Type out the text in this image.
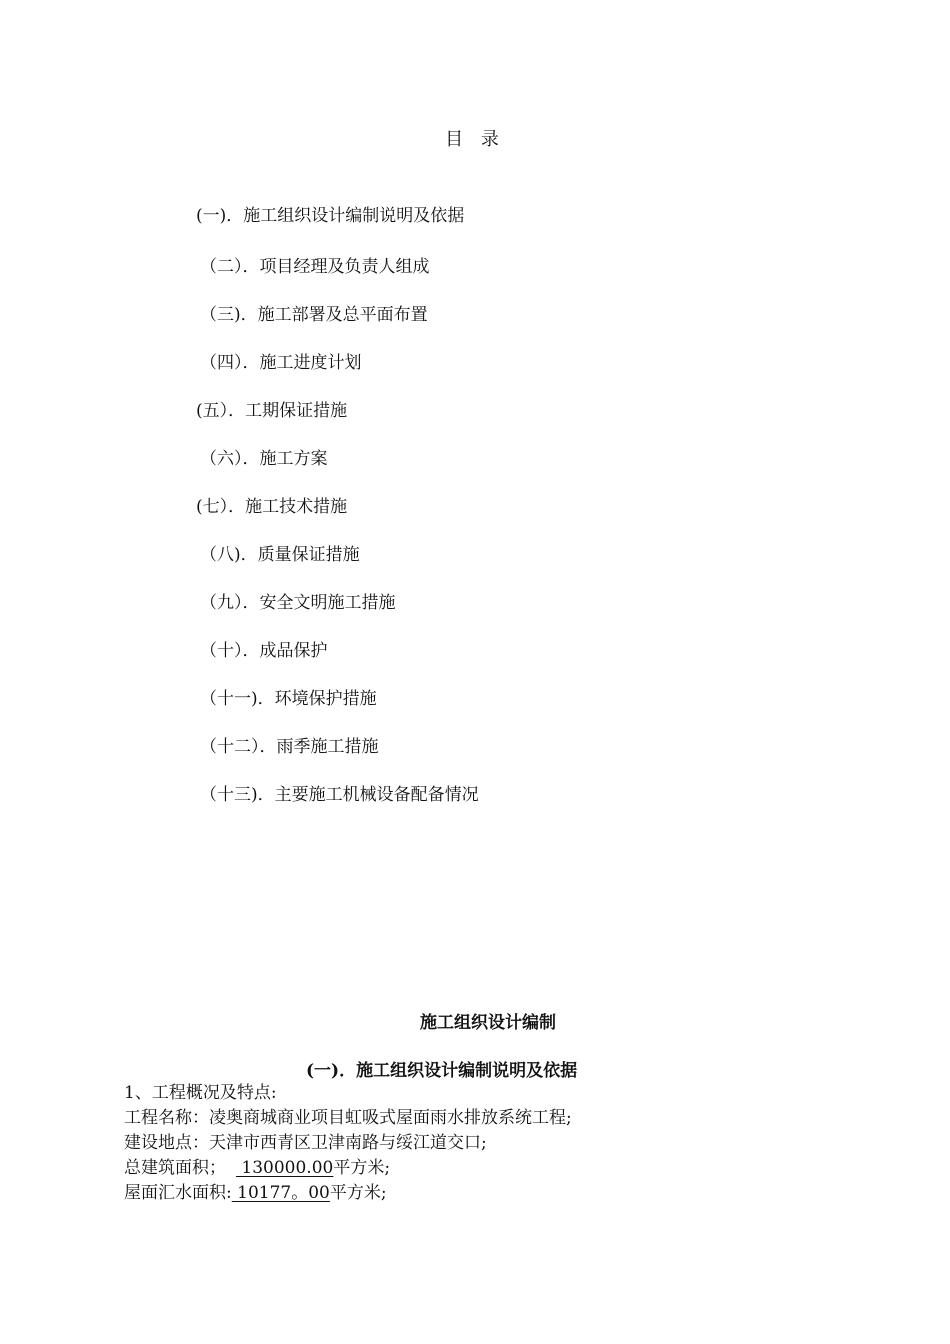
目 录
(一)．施工组织设计编制说明及依据
（二）．项目经理及负责人组成
（三)．施工部署及总平面布置
（四）．施工进度计划
(五）．工期保证措施
（六）．施工方案
(七）．施工技术措施
（八)．质量保证措施
（九）．安全文明施工措施
（十）．成品保护
（十一)．环境保护措施
（十二）．雨季施工措施
（十三)．主要施工机械设备配备情况
施工组织设计编制
(一)．施工组织设计编制说明及依据
1、工程概况及特点:
工程名称：凌奥商城商业项目虹吸式屋面雨水排放系统工程;
建设地点：天津市西青区卫津南路与绥江道交口;
总建筑面积； 130000.00平方米;
屋面汇水面积: 10177。00平方米;
